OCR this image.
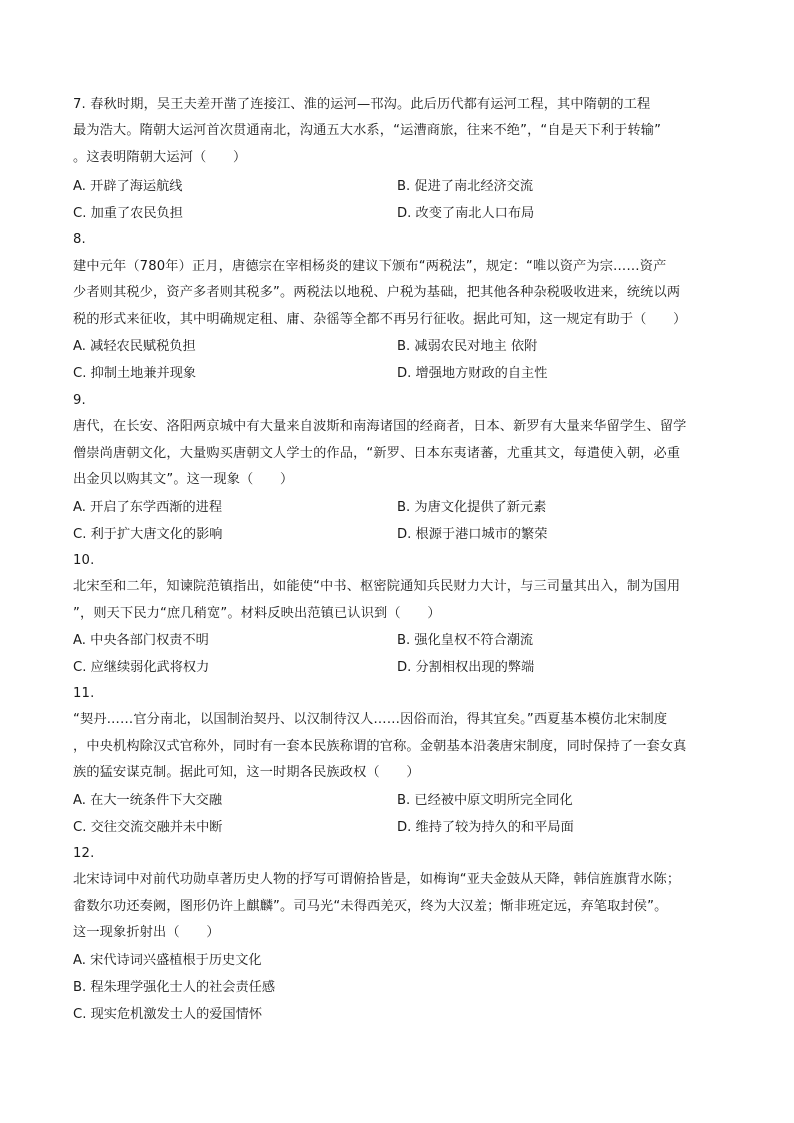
7. 春秋时期，吴王夫差开凿了连接江、淮的运河—邗沟。此后历代都有运河工程，其中隋朝的工程
最为浩大。隋朝大运河首次贯通南北，沟通五大水系，“运漕商旅，往来不绝”，“自是天下利于转输”
。这表明隋朝大运河（　　）
A. 开辟了海运航线	B. 促进了南北经济交流
C. 加重了农民负担	D. 改变了南北人口布局
8.
建中元年（780年）正月，唐德宗在宰相杨炎的建议下颁布“两税法”，规定：“唯以资产为宗……资产
少者则其税少，资产多者则其税多”。两税法以地税、户税为基础，把其他各种杂税吸收进来，统统以两
税的形式来征收，其中明确规定租、庸、杂徭等全都不再另行征收。据此可知，这一规定有助于（　　）
A. 减轻农民赋税负担	B. 减弱农民对地主 依附
C. 抑制土地兼并现象	D. 增强地方财政的自主性
9.
唐代，在长安、洛阳两京城中有大量来自波斯和南海诸国的经商者，日本、新罗有大量来华留学生、留学
僧崇尚唐朝文化，大量购买唐朝文人学士的作品，“新罗、日本东夷诸蕃，尤重其文，每遣使入朝，必重
出金贝以购其文”。这一现象（　　）
A. 开启了东学西渐的进程	B. 为唐文化提供了新元素
C. 利于扩大唐文化的影响	D. 根源于港口城市的繁荣
10.
北宋至和二年，知谏院范镇指出，如能使“中书、枢密院通知兵民财力大计，与三司量其出入，制为国用
”，则天下民力“庶几稍宽”。材料反映出范镇已认识到（　　）
A. 中央各部门权责不明	B. 强化皇权不符合潮流
C. 应继续弱化武将权力	D. 分割相权出现的弊端
11.
“契丹……官分南北，以国制治契丹、以汉制待汉人……因俗而治，得其宜矣。”西夏基本模仿北宋制度
，中央机构除汉式官称外，同时有一套本民族称谓的官称。金朝基本沿袭唐宋制度，同时保持了一套女真
族的猛安谋克制。据此可知，这一时期各民族政权（　　）
A. 在大一统条件下大交融	B. 已经被中原文明所完全同化
C. 交往交流交融并未中断	D. 维持了较为持久的和平局面
12.
北宋诗词中对前代功勋卓著历史人物的抒写可谓俯拾皆是，如梅询“亚夫金鼓从天降，韩信旌旗背水陈；
畲数尔功还奏阙，图形仍许上麒麟”。司马光“未得西羌灭，终为大汉羞；惭非班定远，弃笔取封侯”。
这一现象折射出（　　）
A. 宋代诗词兴盛植根于历史文化
B. 程朱理学强化士人的社会责任感
C. 现实危机激发士人的爱国情怀
